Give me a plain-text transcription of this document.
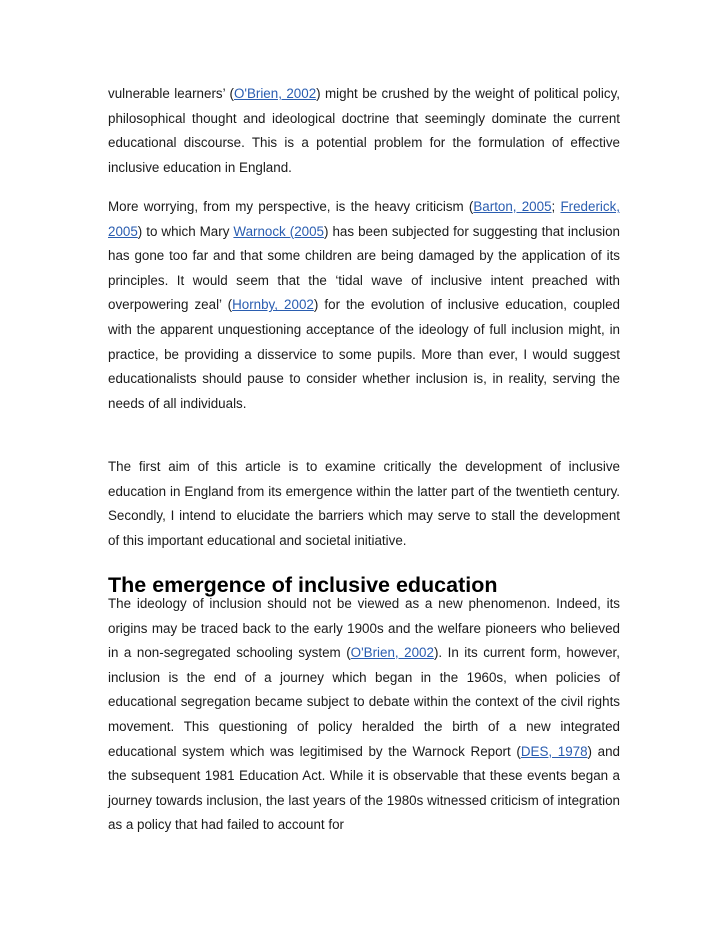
vulnerable learners’ (O'Brien, 2002) might be crushed by the weight of political policy, philosophical thought and ideological doctrine that seemingly dominate the current educational discourse. This is a potential problem for the formulation of effective inclusive education in England.

More worrying, from my perspective, is the heavy criticism (Barton, 2005; Frederick, 2005) to which Mary Warnock (2005) has been subjected for suggesting that inclusion has gone too far and that some children are being damaged by the application of its principles. It would seem that the ‘tidal wave of inclusive intent preached with overpowering zeal’ (Hornby, 2002) for the evolution of inclusive education, coupled with the apparent unquestioning acceptance of the ideology of full inclusion might, in practice, be providing a disservice to some pupils. More than ever, I would suggest educationalists should pause to consider whether inclusion is, in reality, serving the needs of all individuals.

The first aim of this article is to examine critically the development of inclusive education in England from its emergence within the latter part of the twentieth century. Secondly, I intend to elucidate the barriers which may serve to stall the development of this important educational and societal initiative.

The emergence of inclusive education

The ideology of inclusion should not be viewed as a new phenomenon. Indeed, its origins may be traced back to the early 1900s and the welfare pioneers who believed in a non-segregated schooling system (O'Brien, 2002). In its current form, however, inclusion is the end of a journey which began in the 1960s, when policies of educational segregation became subject to debate within the context of the civil rights movement. This questioning of policy heralded the birth of a new integrated educational system which was legitimised by the Warnock Report (DES, 1978) and the subsequent 1981 Education Act. While it is observable that these events began a journey towards inclusion, the last years of the 1980s witnessed criticism of integration as a policy that had failed to account for
